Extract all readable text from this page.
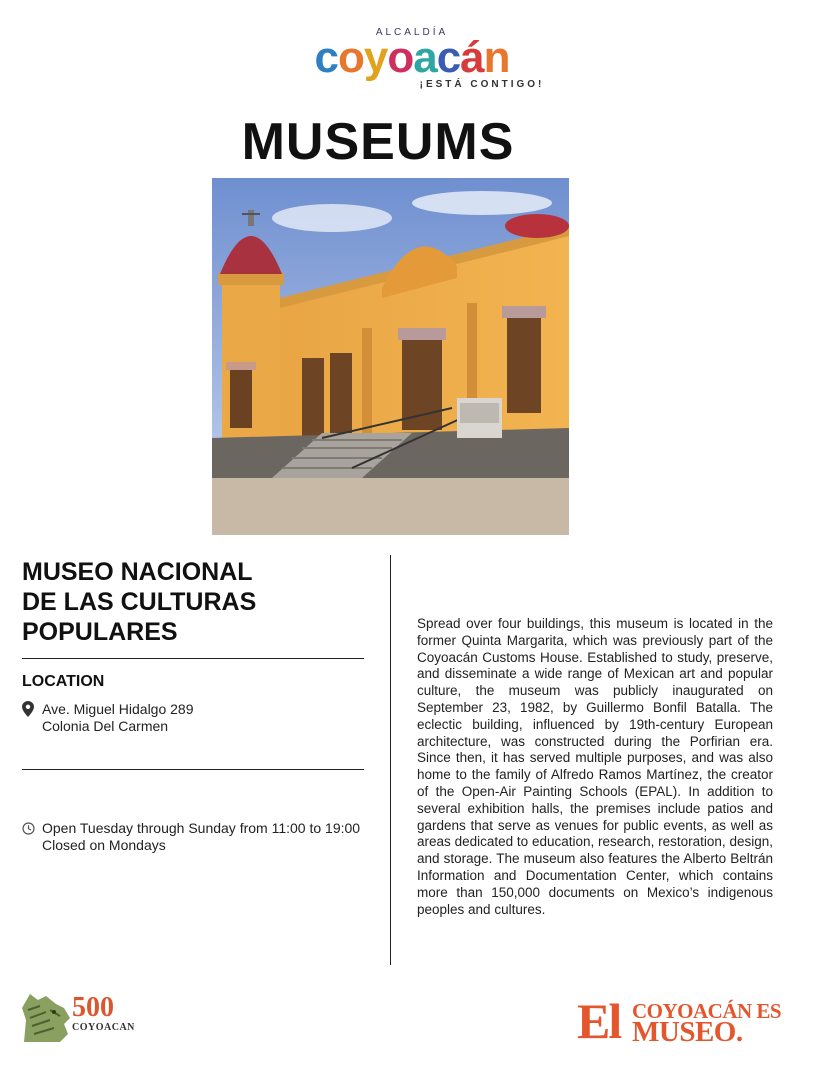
ALCALDÍA
coyoacán
¡ESTÁ CONTIGO!
MUSEUMS
MUSEO NACIONAL
DE LAS CULTURAS
POPULARES
LOCATION
Ave. Miguel Hidalgo 289
Colonia Del Carmen
Open Tuesday through Sunday from 11:00 to 19:00
Closed on Mondays
Spread over four buildings, this museum is located in the former Quinta Margarita, which was previously part of the Coyoacán Customs House. Established to study, preserve, and disseminate a wide range of Mexican art and popular culture, the museum was publicly inaugurated on September 23, 1982, by Guillermo Bonfil Batalla. The eclectic building, influenced by 19th-century European architecture, was constructed during the Porfirian era. Since then, it has served multiple purposes, and was also home to the family of Alfredo Ramos Martínez, the creator of the Open-Air Painting Schools (EPAL). In addition to several exhibition halls, the premises include patios and gardens that serve as venues for public events, as well as areas dedicated to education, research, restoration, design, and storage. The museum also features the Alberto Beltrán Information and Documentation Center, which contains more than 150,000 documents on Mexico’s indigenous peoples and cultures.
500
COYOACAN	El COYOACÁN ES
MUSEO.
